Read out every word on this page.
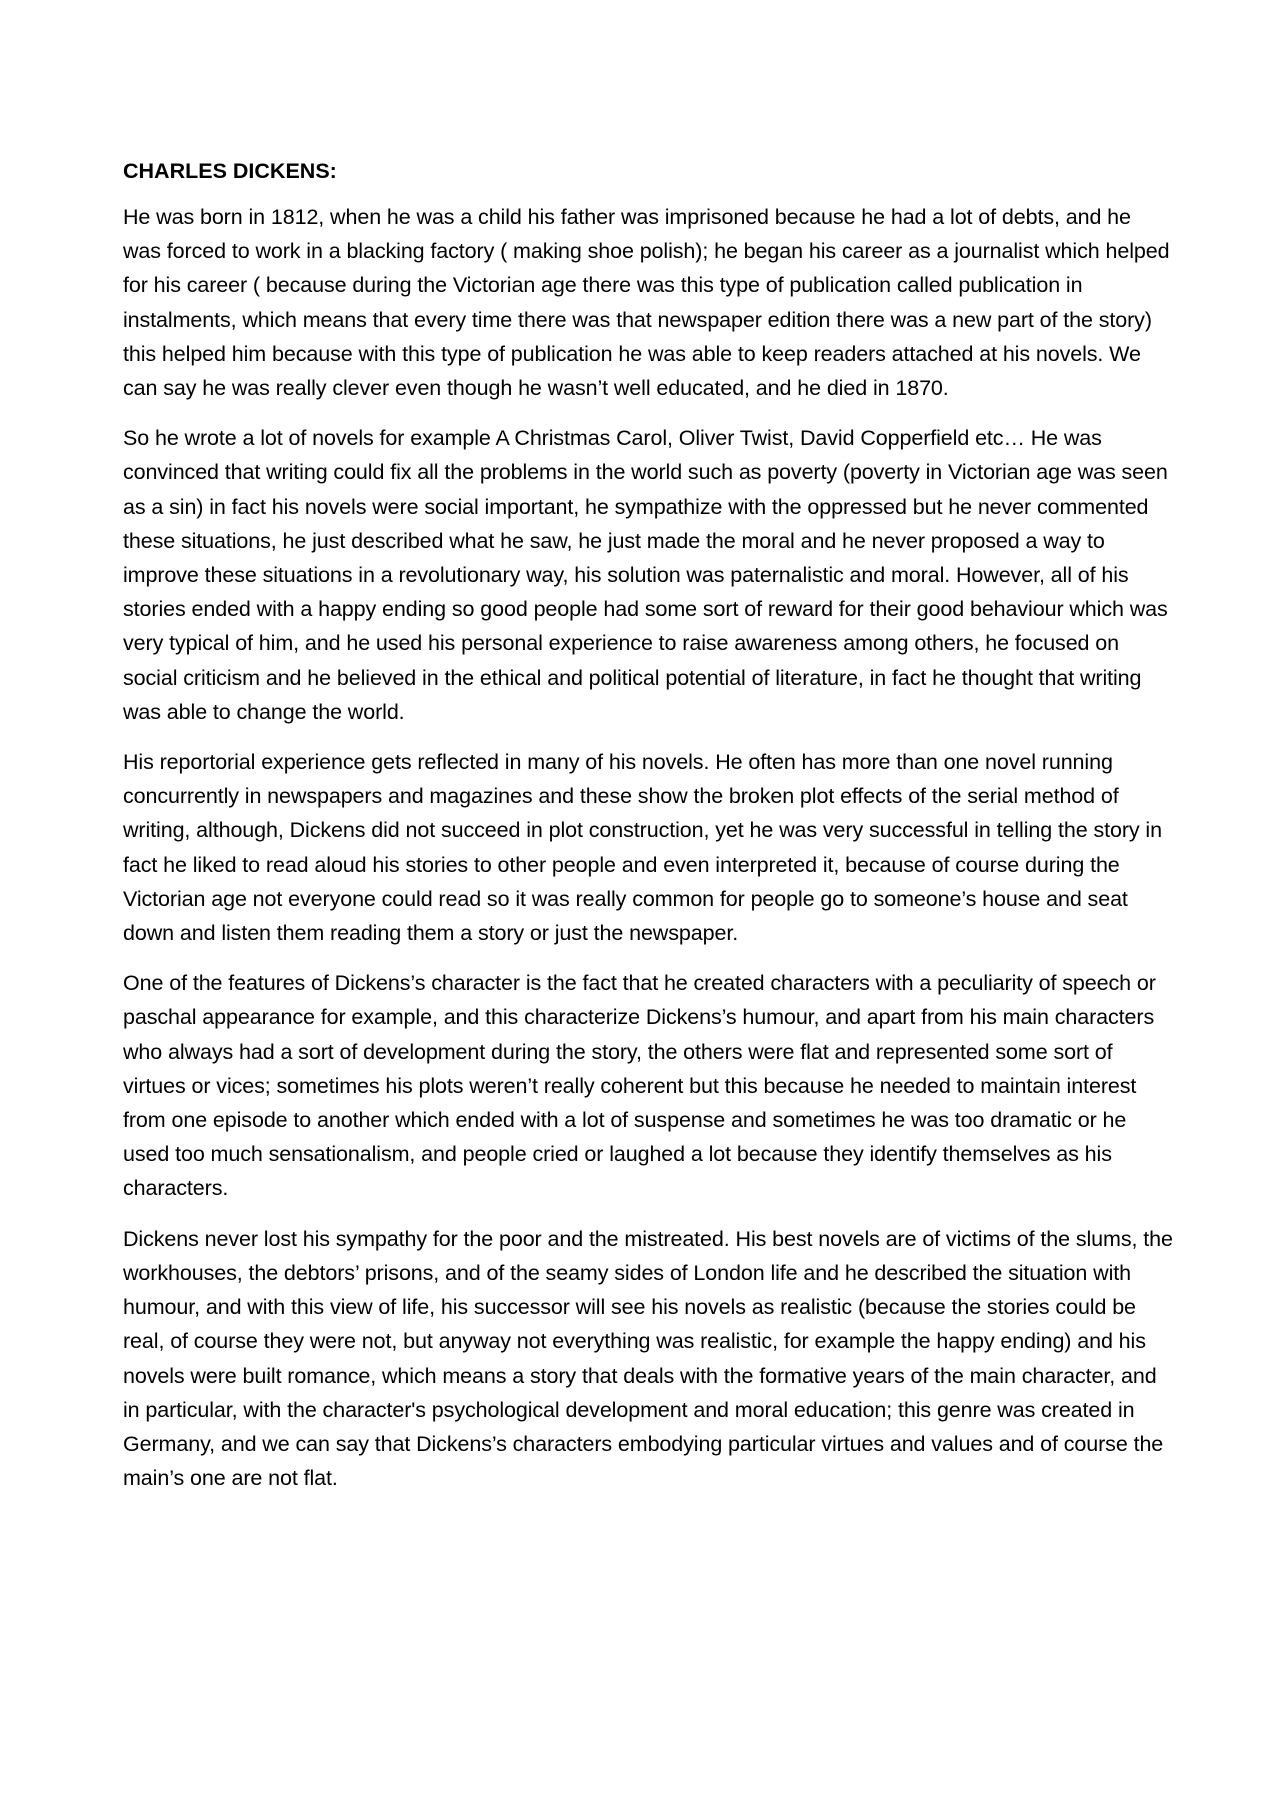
CHARLES DICKENS:

He was born in 1812, when he was a child his father was imprisoned because he had a lot of debts, and he was forced to work in a blacking factory ( making shoe polish); he began his career as a journalist which helped for his career ( because during the Victorian age there was this type of publication called publication in instalments, which means that every time there was that newspaper edition there was a new part of the story) this helped him because with this type of publication he was able to keep readers attached at his novels. We can say he was really clever even though he wasn’t well educated, and he died in 1870.

So he wrote a lot of novels for example A Christmas Carol, Oliver Twist, David Copperfield etc… He was convinced that writing could fix all the problems in the world such as poverty (poverty in Victorian age was seen as a sin) in fact his novels were social important, he sympathize with the oppressed but he never commented these situations, he just described what he saw, he just made the moral and he never proposed a way to improve these situations in a revolutionary way, his solution was paternalistic and moral. However, all of his stories ended with a happy ending so good people had some sort of reward for their good behaviour which was very typical of him, and he used his personal experience to raise awareness among others, he focused on social criticism and he believed in the ethical and political potential of literature, in fact he thought that writing was able to change the world.

His reportorial experience gets reflected in many of his novels. He often has more than one novel running concurrently in newspapers and magazines and these show the broken plot effects of the serial method of writing, although, Dickens did not succeed in plot construction, yet he was very successful in telling the story in fact he liked to read aloud his stories to other people and even interpreted it, because of course during the Victorian age not everyone could read so it was really common for people go to someone’s house and seat down and listen them reading them a story or just the newspaper.

One of the features of Dickens’s character is the fact that he created characters with a peculiarity of speech or paschal appearance for example, and this characterize Dickens’s humour, and apart from his main characters who always had a sort of development during the story, the others were flat and represented some sort of virtues or vices; sometimes his plots weren’t really coherent but this because he needed to maintain interest from one episode to another which ended with a lot of suspense and sometimes he was too dramatic or he used too much sensationalism, and people cried or laughed a lot because they identify themselves as his characters.

Dickens never lost his sympathy for the poor and the mistreated. His best novels are of victims of the slums, the workhouses, the debtors’ prisons, and of the seamy sides of London life and he described the situation with humour, and with this view of life, his successor will see his novels as realistic (because the stories could be real, of course they were not, but anyway not everything was realistic, for example the happy ending) and his novels were built romance, which means a story that deals with the formative years of the main character, and in particular, with the character's psychological development and moral education; this genre was created in Germany, and we can say that Dickens’s characters embodying particular virtues and values and of course the main’s one are not flat.
